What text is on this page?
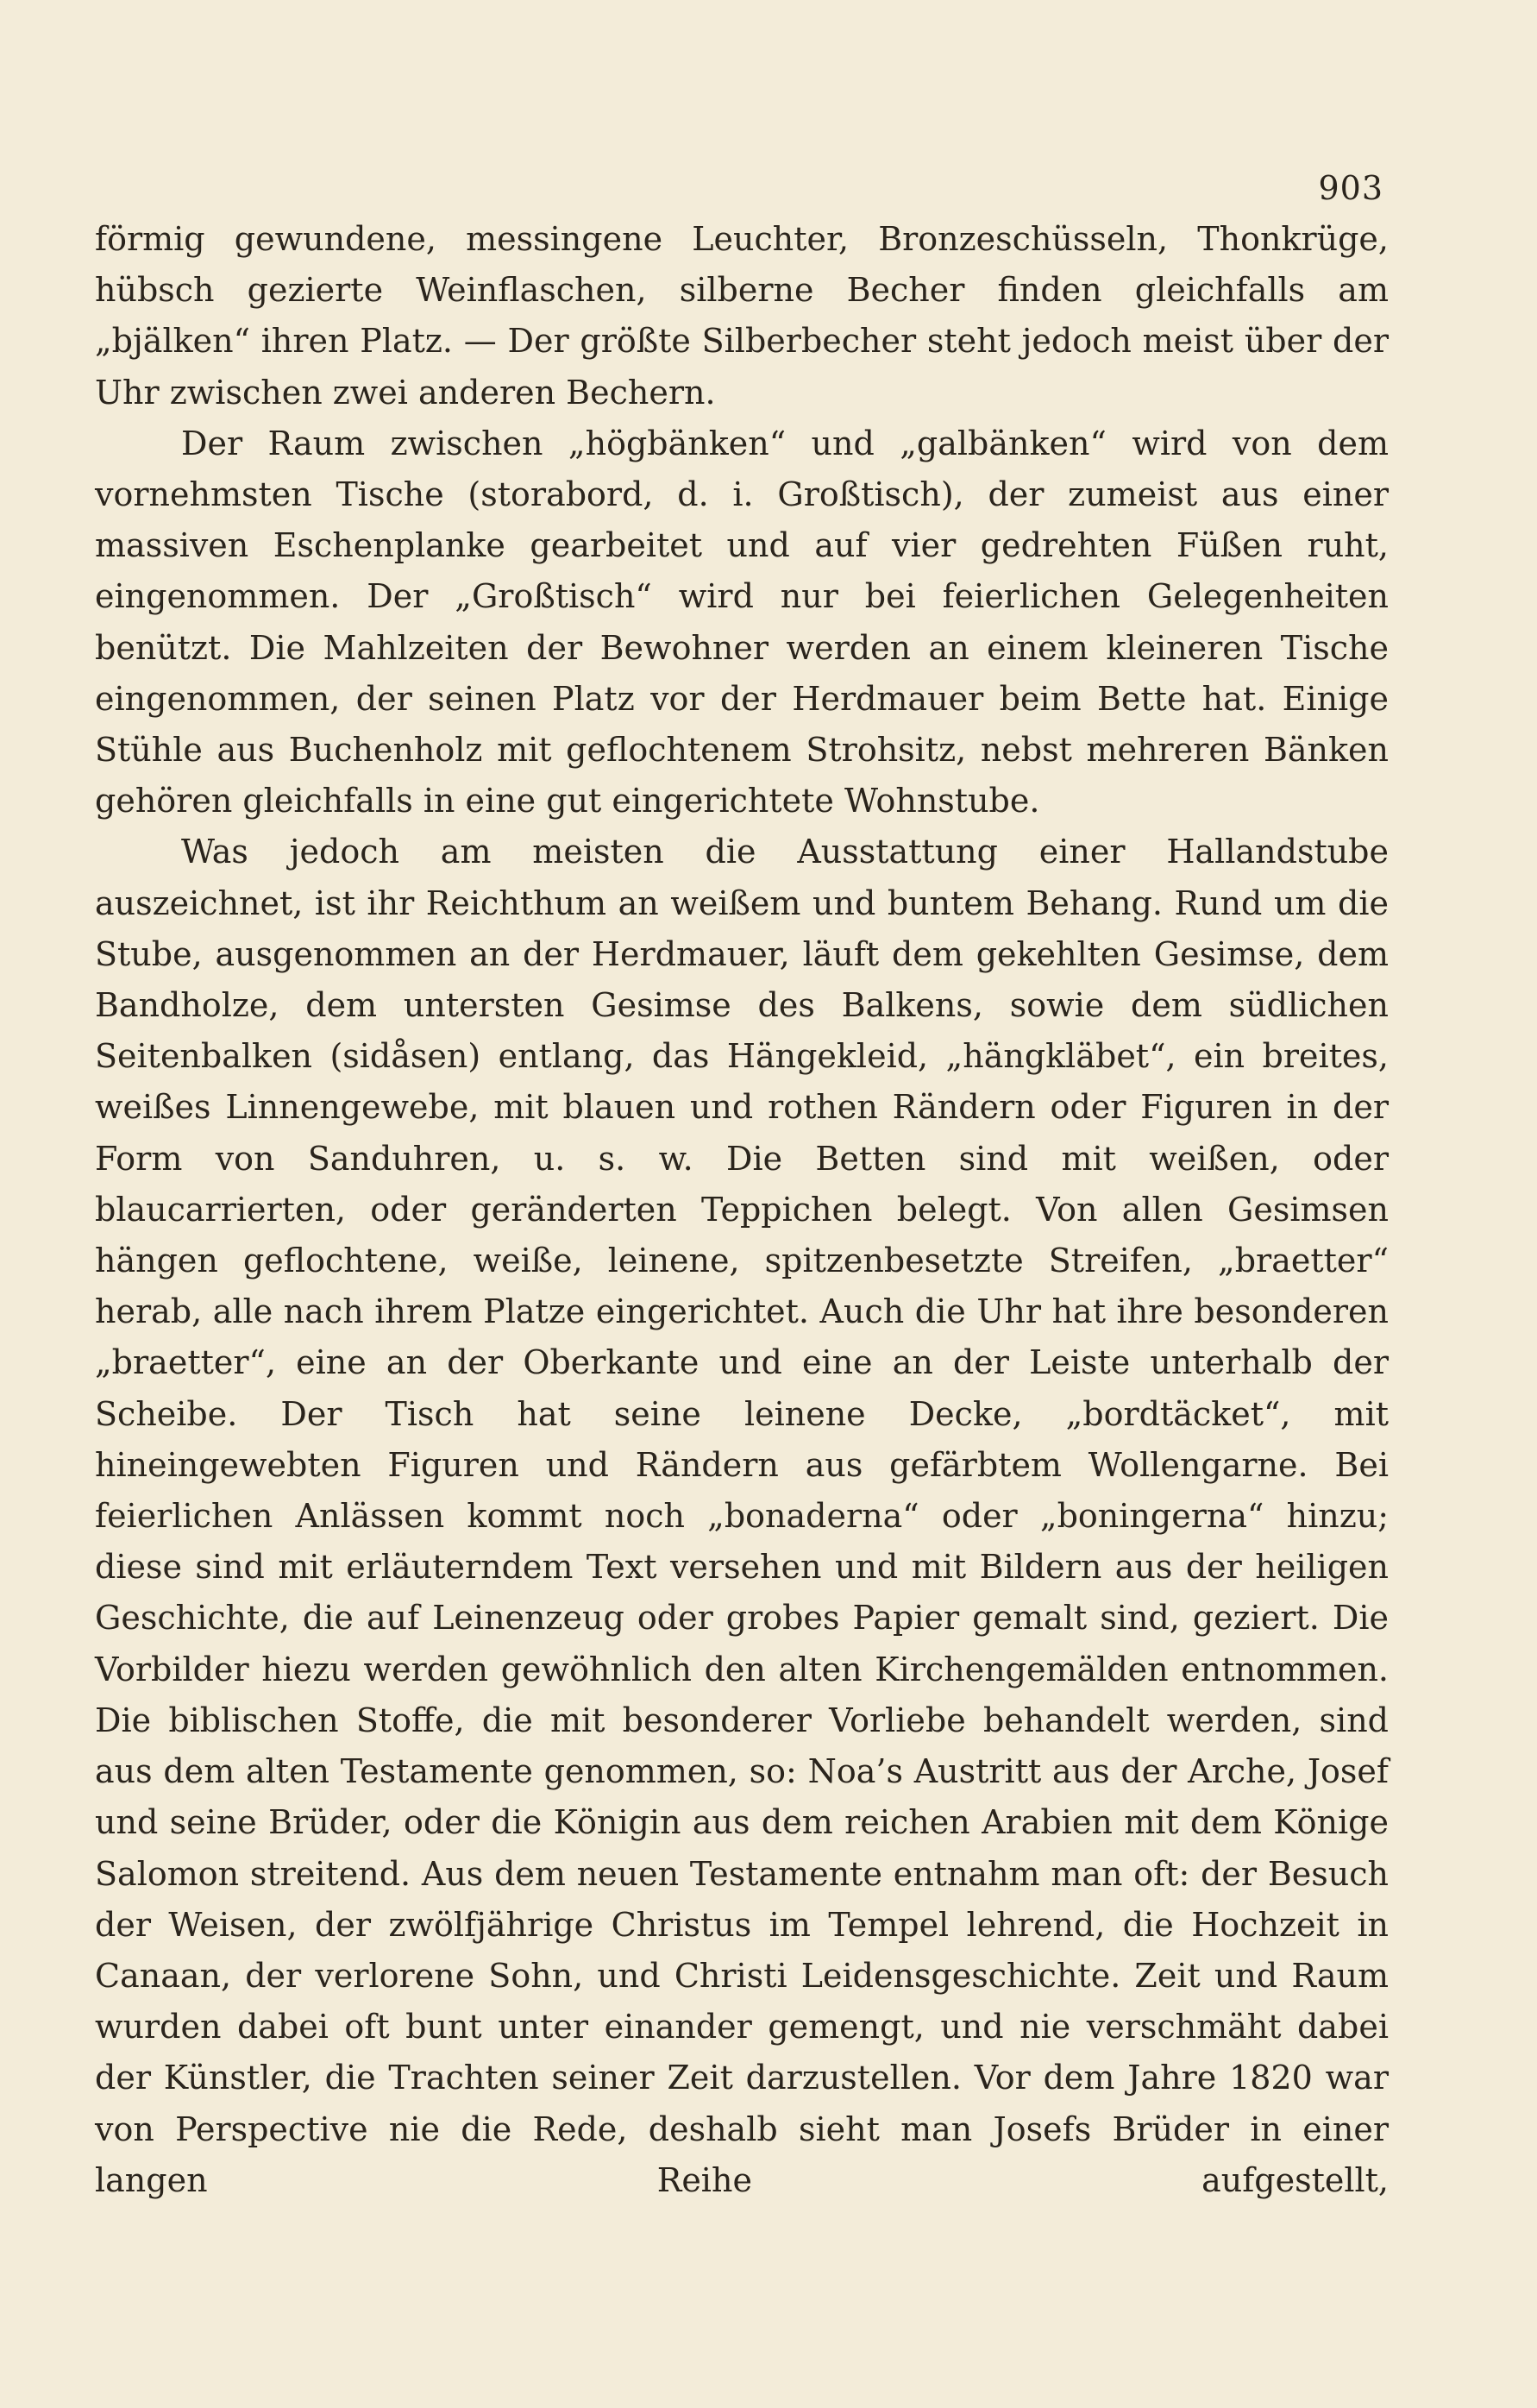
903

förmig gewundene, messingene Leuchter, Bronzeschüsseln, Thonkrüge, hübsch gezierte Weinflaschen, silberne Becher finden gleichfalls am „bjälken“ ihren Platz. — Der größte Silberbecher steht jedoch meist über der Uhr zwischen zwei anderen Bechern.

Der Raum zwischen „högbänken“ und „galbänken“ wird von dem vornehmsten Tische (storabord, d. i. Großtisch), der zumeist aus einer massiven Eschenplanke gearbeitet und auf vier gedrehten Füßen ruht, eingenommen. Der „Großtisch“ wird nur bei feierlichen Gelegenheiten benützt. Die Mahlzeiten der Bewohner werden an einem kleineren Tische eingenommen, der seinen Platz vor der Herdmauer beim Bette hat. Einige Stühle aus Buchenholz mit geflochtenem Strohsitz, nebst mehreren Bänken gehören gleichfalls in eine gut eingerichtete Wohnstube.

Was jedoch am meisten die Ausstattung einer Hallandstube auszeichnet, ist ihr Reichthum an weißem und buntem Behang. Rund um die Stube, ausgenommen an der Herdmauer, läuft dem gekehlten Gesimse, dem Bandholze, dem untersten Gesimse des Balkens, sowie dem südlichen Seitenbalken (sidåsen) entlang, das Hängekleid, „hängkläbet“, ein breites, weißes Linnengewebe, mit blauen und rothen Rändern oder Figuren in der Form von Sanduhren, u. s. w. Die Betten sind mit weißen, oder blaucarrierten, oder geränderten Teppichen belegt. Von allen Gesimsen hängen geflochtene, weiße, leinene, spitzenbesetzte Streifen, „braetter“ herab, alle nach ihrem Platze eingerichtet. Auch die Uhr hat ihre besonderen „braetter“, eine an der Oberkante und eine an der Leiste unterhalb der Scheibe. Der Tisch hat seine leinene Decke, „bordtäcket“, mit hineingewebten Figuren und Rändern aus gefärbtem Wollengarne. Bei feierlichen Anlässen kommt noch „bonaderna“ oder „boningerna“ hinzu; diese sind mit erläuterndem Text versehen und mit Bildern aus der heiligen Geschichte, die auf Leinenzeug oder grobes Papier gemalt sind, geziert. Die Vorbilder hiezu werden gewöhnlich den alten Kirchengemälden entnommen. Die biblischen Stoffe, die mit besonderer Vorliebe behandelt werden, sind aus dem alten Testamente genommen, so: Noa’s Austritt aus der Arche, Josef und seine Brüder, oder die Königin aus dem reichen Arabien mit dem Könige Salomon streitend. Aus dem neuen Testamente entnahm man oft: der Besuch der Weisen, der zwölfjährige Christus im Tempel lehrend, die Hochzeit in Canaan, der verlorene Sohn, und Christi Leidensgeschichte. Zeit und Raum wurden dabei oft bunt unter einander gemengt, und nie verschmäht dabei der Künstler, die Trachten seiner Zeit darzustellen. Vor dem Jahre 1820 war von Perspective nie die Rede, deshalb sieht man Josefs Brüder in einer langen Reihe aufgestellt,
